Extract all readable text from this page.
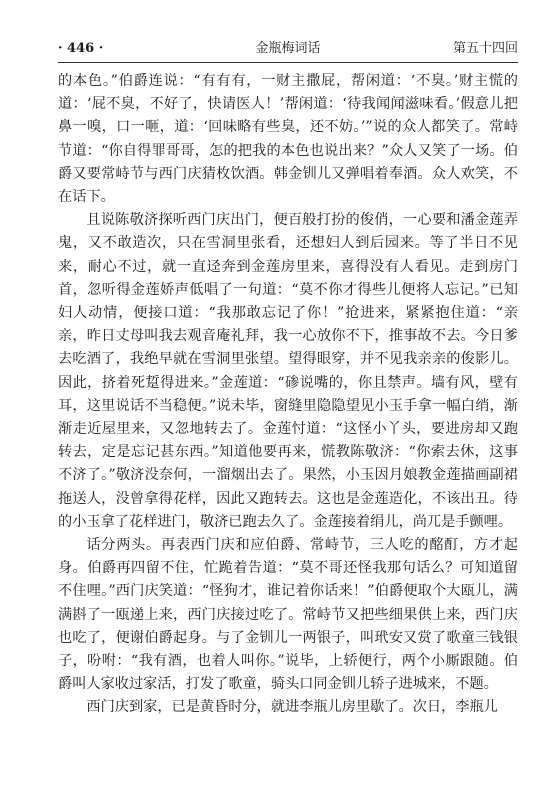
· 446 ·	金瓶梅词话	第五十四回

的本色。”伯爵连说：“有有有，一财主撒屁，帮闲道：‘不臭。’财主慌的道：‘屁不臭，不好了，快请医人！’帮闲道：‘待我闻闻滋味看。’假意儿把鼻一嗅，口一咂，道：‘回味略有些臭，还不妨。’”说的众人都笑了。常峙节道：“你自得罪哥哥，怎的把我的本色也说出来？”众人又笑了一场。伯爵又要常峙节与西门庆猜枚饮酒。韩金钏儿又弹唱着奉酒。众人欢笑，不在话下。

且说陈敬济探听西门庆出门，便百般打扮的俊俏，一心要和潘金莲弄鬼，又不敢造次，只在雪洞里张看，还想妇人到后园来。等了半日不见来，耐心不过，就一直迳奔到金莲房里来，喜得没有人看见。走到房门首，忽听得金莲娇声低唱了一句道：“莫不你才得些儿便将人忘记。”已知妇人动情，便接口道：“我那敢忘记了你！”抢进来，紧紧抱住道：“亲亲，昨日丈母叫我去观音庵礼拜，我一心放你不下，推事故不去。今日爹去吃酒了，我绝早就在雪洞里张望。望得眼穿，并不见我亲亲的俊影儿。因此，挤着死踅得进来。”金莲道：“碜说嘴的，你且禁声。墙有风，壁有耳，这里说话不当稳便。”说未毕，窗缝里隐隐望见小玉手拿一幅白绡，渐渐走近屋里来，又忽地转去了。金莲忖道：“这怪小丫头，要进房却又跑转去，定是忘记甚东西。”知道他要再来，慌教陈敬济：“你索去休，这事不济了。”敬济没奈何，一溜烟出去了。果然，小玉因月娘教金莲描画副裙拖送人，没曾拿得花样，因此又跑转去。这也是金莲造化，不该出丑。待的小玉拿了花样进门，敬济已跑去久了。金莲接着绢儿，尚兀是手颤哩。

话分两头。再表西门庆和应伯爵、常峙节，三人吃的酩酊，方才起身。伯爵再四留不住，忙跪着告道：“莫不哥还怪我那句话么？可知道留不住哩。”西门庆笑道：“怪狗才，谁记着你话来！”伯爵便取个大瓯儿，满满斟了一瓯递上来，西门庆接过吃了。常峙节又把些细果供上来，西门庆也吃了，便谢伯爵起身。与了金钏儿一两银子，叫玳安又赏了歌童三钱银子，吩咐：“我有酒，也着人叫你。”说毕，上轿便行，两个小厮跟随。伯爵叫人家收过家活，打发了歌童，骑头口同金钏儿轿子进城来，不题。

西门庆到家，已是黄昏时分，就进李瓶儿房里歇了。次日，李瓶儿
